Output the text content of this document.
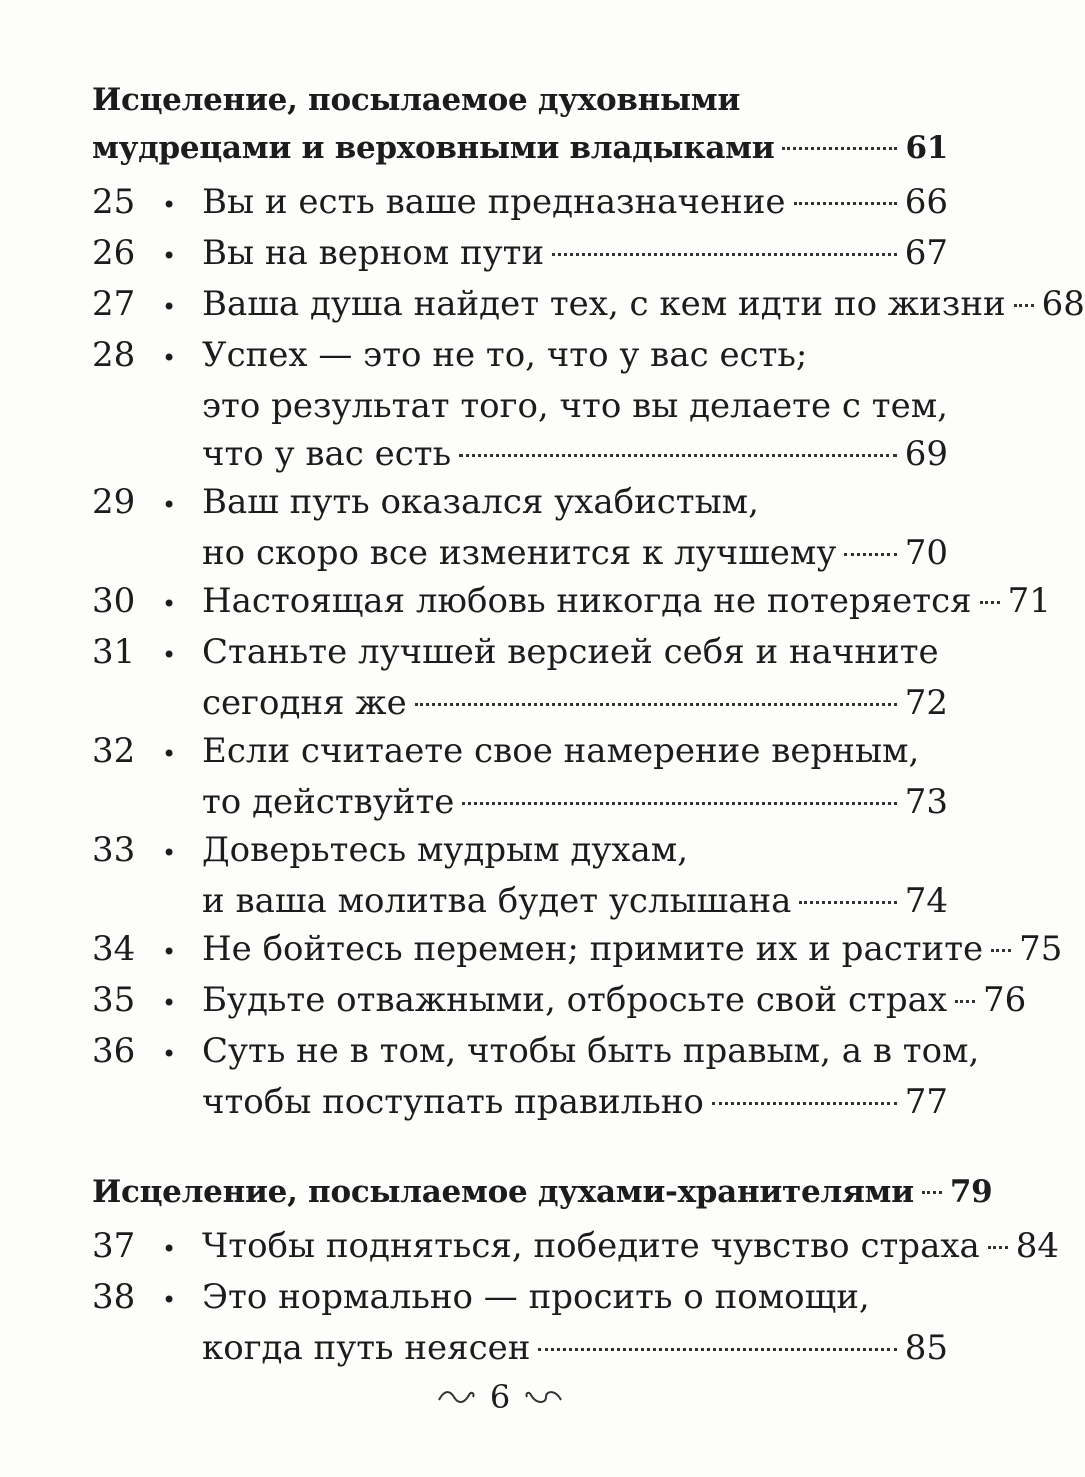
Исцеление, посылаемое духовными
мудрецами и верховными владыками	61
25	• Вы и есть ваше предназначение	66
26	• Вы на верном пути	67
27	• Ваша душа найдет тех, с кем идти по жизни 68
28	• Успех — это не то, что у вас есть;
это результат того, что вы делаете с тем,
что у вас есть	69
29	• Ваш путь оказался ухабистым,
но скоро все изменится к лучшему 70
30	• Настоящая любовь никогда не потеряется 71
31	• Станьте лучшей версией себя и начните
сегодня же	72
32	• Если считаете свое намерение верным,
то действуйте	73
33	• Доверьтесь мудрым духам,
и ваша молитва будет услышана	74
34	• Не бойтесь перемен; примите их и растите 75
35	• Будьте отважными, отбросьте свой страх 76
36	• Суть не в том, чтобы быть правым, а в том,
чтобы поступать правильно	77
Исцеление, посылаемое духами-хранителями 79
37	• Чтобы подняться, победите чувство страха 84
38	• Это нормально — просить о помощи,
когда путь неясен	85
6
